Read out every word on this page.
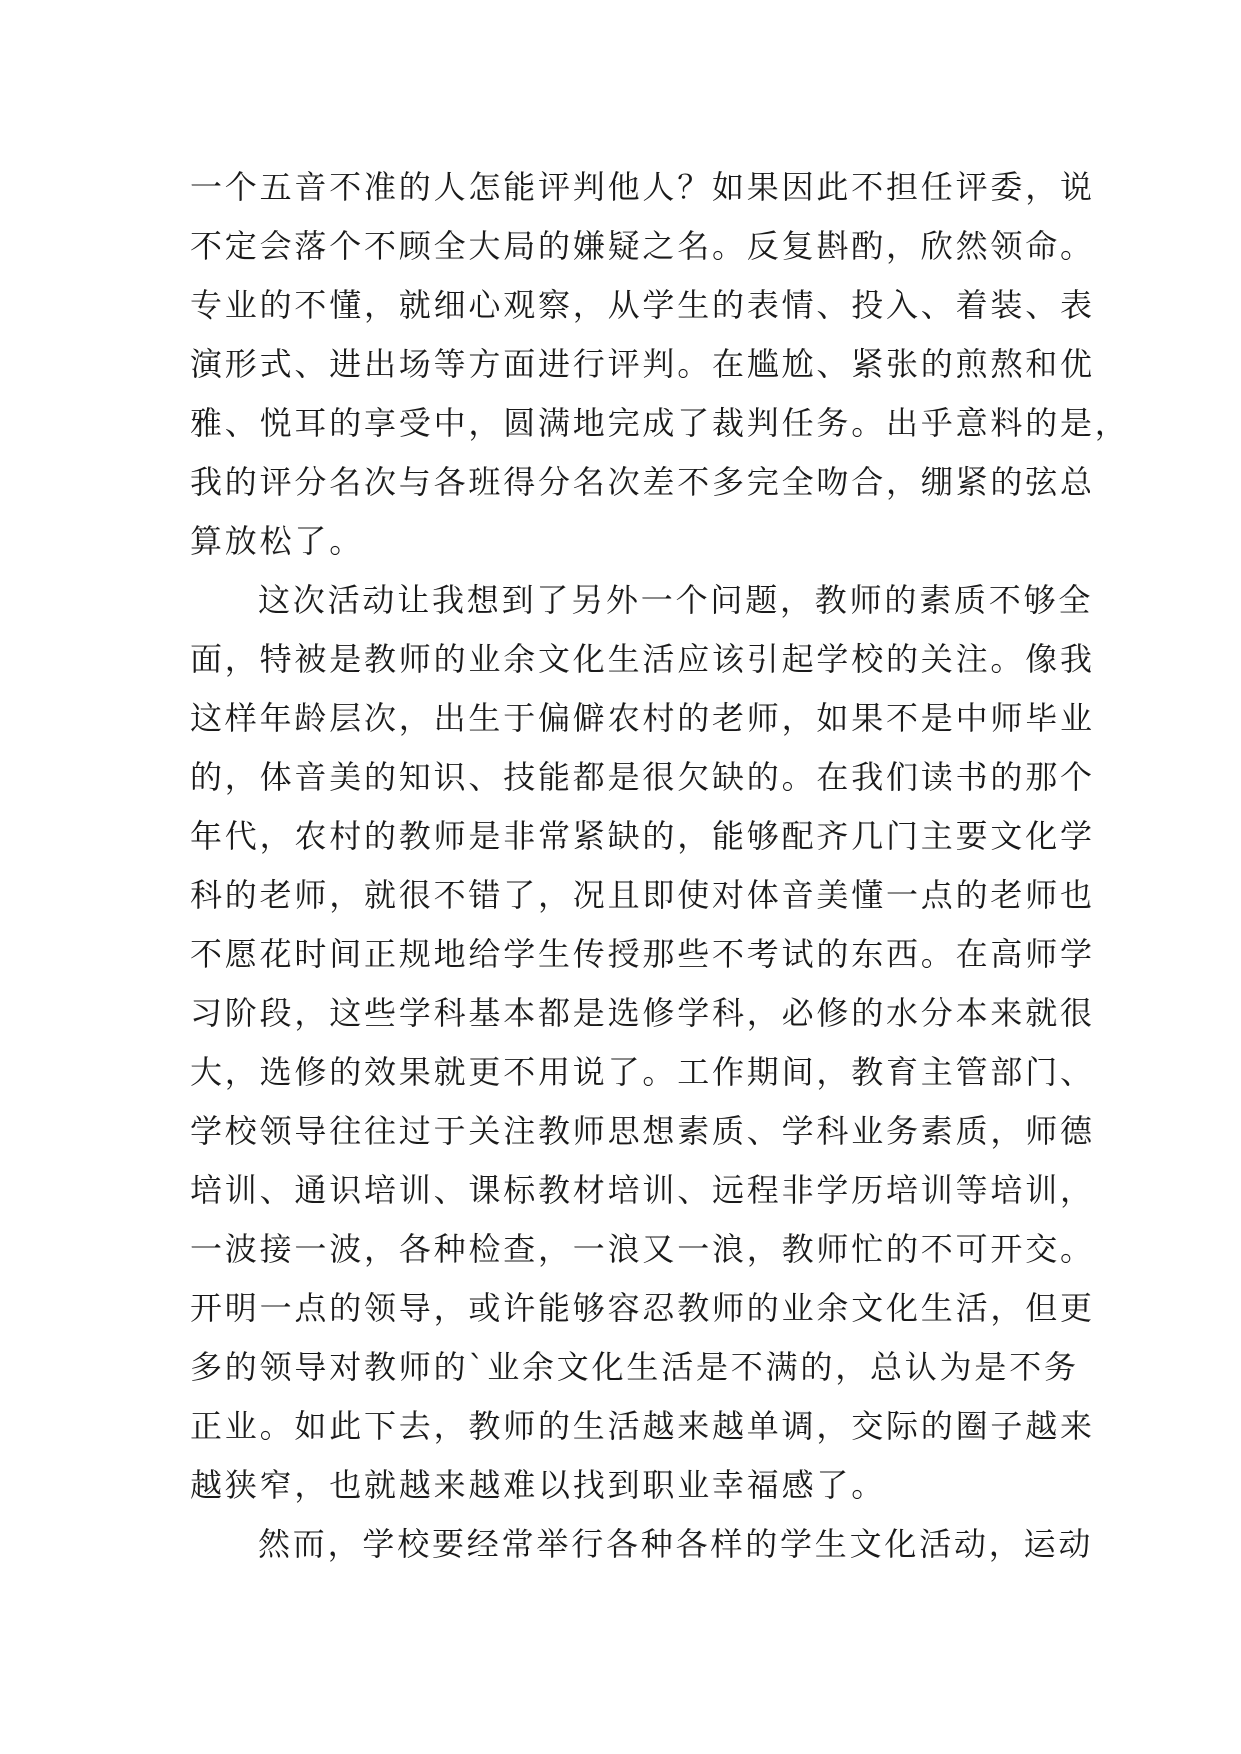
一个五音不准的人怎能评判他人？如果因此不担任评委，说
不定会落个不顾全大局的嫌疑之名。反复斟酌，欣然领命。
专业的不懂，就细心观察，从学生的表情、投入、着装、表
演形式、进出场等方面进行评判。在尴尬、紧张的煎熬和优
雅、悦耳的享受中，圆满地完成了裁判任务。出乎意料的是，
我的评分名次与各班得分名次差不多完全吻合，绷紧的弦总
算放松了。
这次活动让我想到了另外一个问题，教师的素质不够全
面，特被是教师的业余文化生活应该引起学校的关注。像我
这样年龄层次，出生于偏僻农村的老师，如果不是中师毕业
的，体音美的知识、技能都是很欠缺的。在我们读书的那个
年代，农村的教师是非常紧缺的，能够配齐几门主要文化学
科的老师，就很不错了，况且即使对体音美懂一点的老师也
不愿花时间正规地给学生传授那些不考试的东西。在高师学
习阶段，这些学科基本都是选修学科，必修的水分本来就很
大，选修的效果就更不用说了。工作期间，教育主管部门、
学校领导往往过于关注教师思想素质、学科业务素质，师德
培训、通识培训、课标教材培训、远程非学历培训等培训，
一波接一波，各种检查，一浪又一浪，教师忙的不可开交。
开明一点的领导，或许能够容忍教师的业余文化生活，但更
多的领导对教师的`业余文化生活是不满的，总认为是不务
正业。如此下去，教师的生活越来越单调，交际的圈子越来
越狭窄，也就越来越难以找到职业幸福感了。
然而，学校要经常举行各种各样的学生文化活动，运动
